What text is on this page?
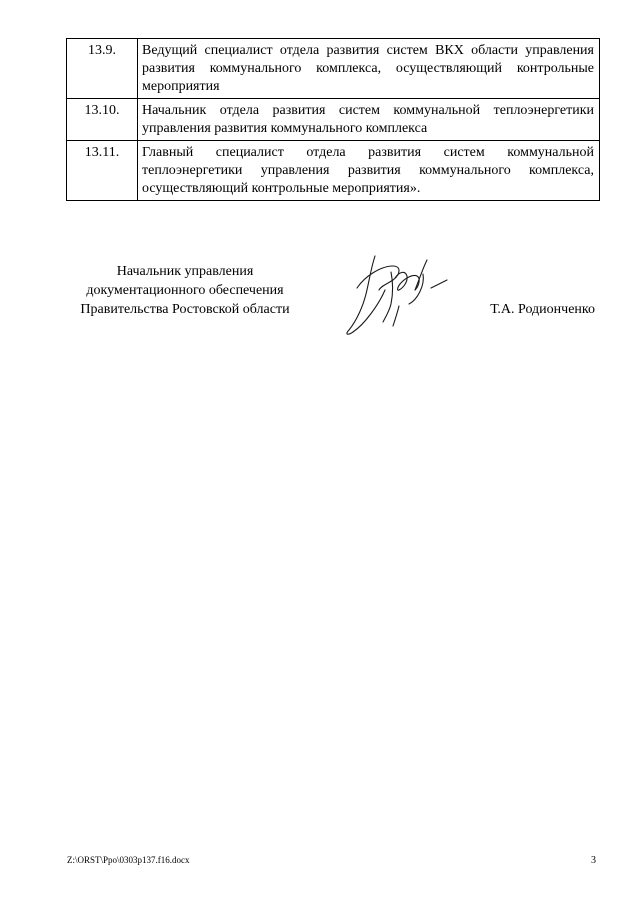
13.9.	Ведущий специалист отдела развития систем ВКХ области управления развития коммунального комплекса, осуществляющий контрольные мероприятия
13.10.	Начальник отдела развития систем коммунальной теплоэнергетики управления развития коммунального комплекса
13.11.	Главный специалист отдела развития систем коммунальной теплоэнергетики управления развития коммунального комплекса, осуществляющий контрольные мероприятия».
Начальник управления
документационного обеспечения
Правительства Ростовской области	Т.А. Родионченко
Z:\ORST\Ppo\0303p137.f16.docx	3
